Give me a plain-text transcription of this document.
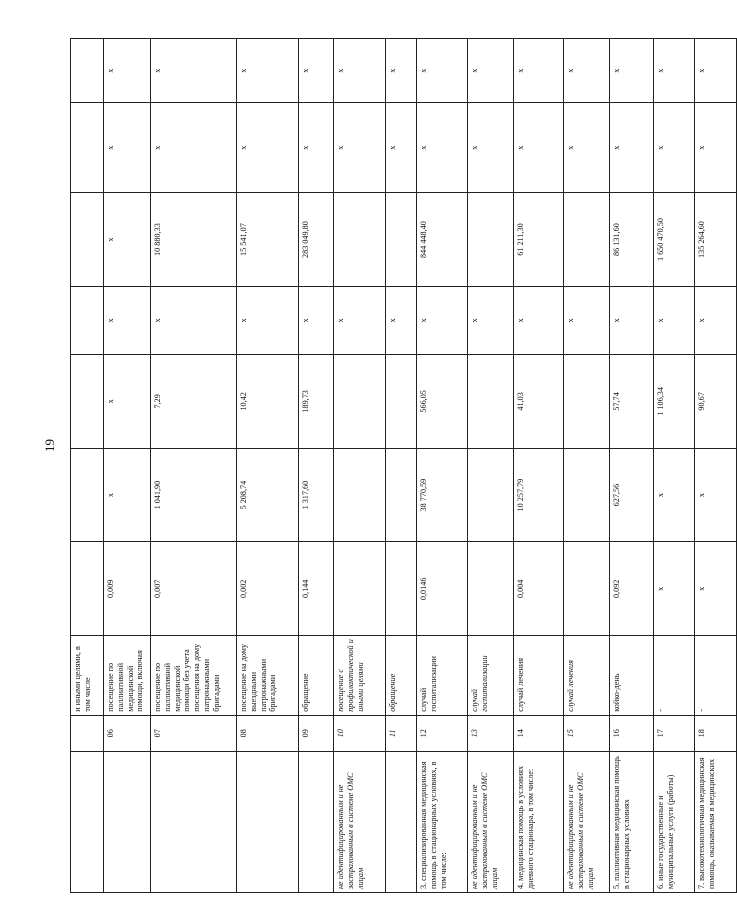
19
		и иными целями, в том числе							
	06	посещение по паллиативной медицинской помощи, включая	0,009	х	х	х	х	х	х
	07	посещение по паллиативной медицинской помощи без учета посещения на дому патронажными бригадами	0,007	1 041,90	7,29	х	10 880,33	х	х
	08	посещение на дому выездными патронажными бригадами	0,002	5 208,74	10,42	х	15 541,07	х	х
	09	обращение	0,144	1 317,60	189,73	х	283 049,80	х	х
не идентифицированным и не застрахованным в системе ОМС лицам	10	посещение с профилактической и иными целями				х		х	х
	11	обращение				х		х	х
3. специализированная медицинская помощь в стационарных условиях, в том числе:	12	случай госпитализации	0,0146	38 770,59	566,05	х	844 448,40	х	х
не идентифицированным и не застрахованным в системе ОМС лицам	13	случай госпитализации				х		х	х
4. медицинская помощь в условиях дневного стационара, в том числе:	14	случай лечения	0,004	10 257,79	41,03	х	61 211,30	х	х
не идентифицированным и не застрахованным в системе ОМС лицам	15	случай лечения				х		х	х
5. паллиативная медицинская помощь в стационарных условиях	16	койко-день	0,092	627,56	57,74	х	86 131,60	х	х
6. иные государственные и муниципальные услуги (работы)	17	-	х	х	1 106,34	х	1 650 470,50	х	х
7. высокотехнологичная медицинская помощь, оказываемая в медицинских	18	-	х	х	90,67	х	135 264,60	х	х
